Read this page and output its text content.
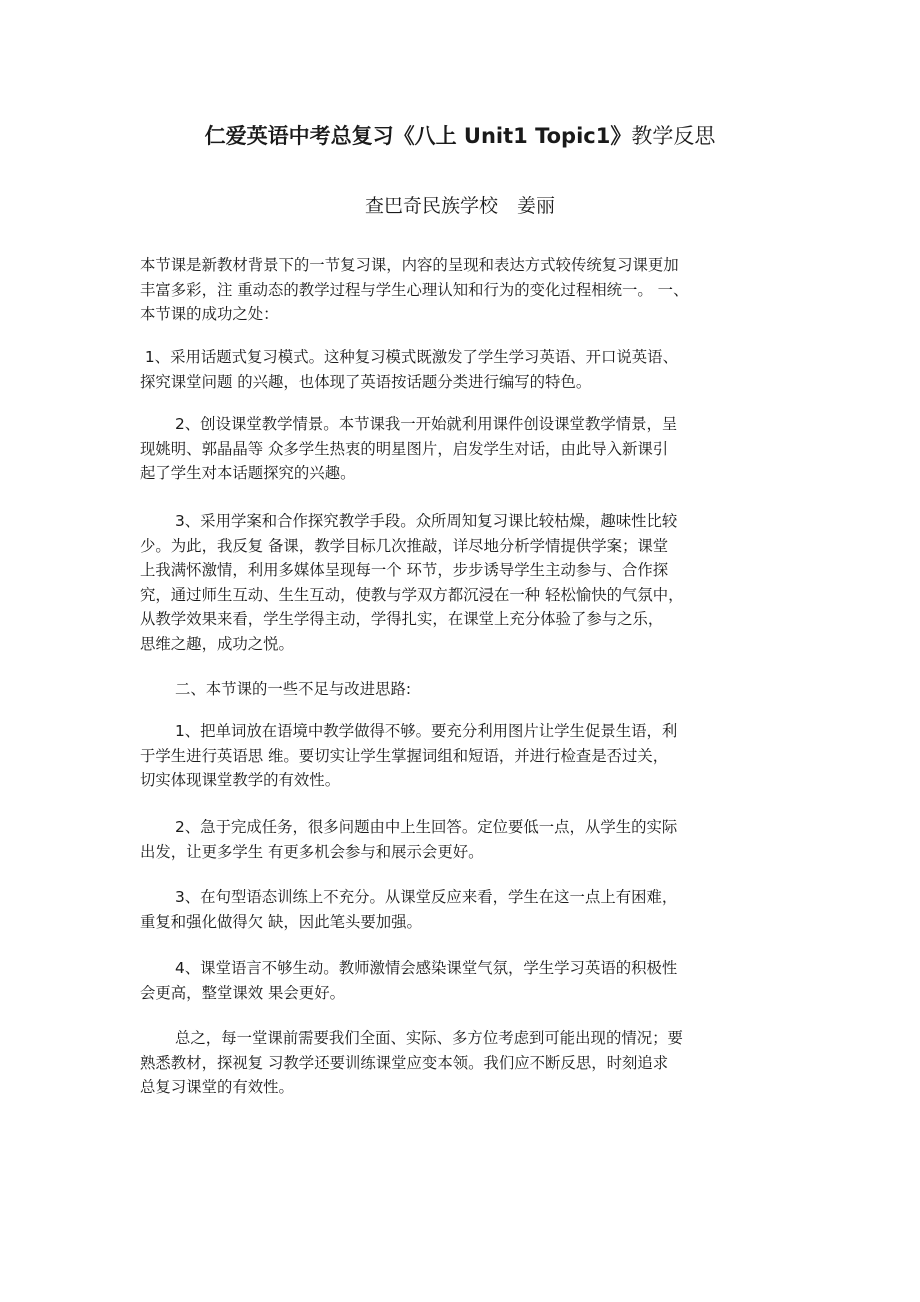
仁爱英语中考总复习《八上 Unit1 Topic1》教学反思
查巴奇民族学校　姜丽
本节课是新教材背景下的一节复习课，内容的呈现和表达方式较传统复习课更加
丰富多彩，注 重动态的教学过程与学生心理认知和行为的变化过程相统一。 一、
本节课的成功之处：
1、采用话题式复习模式。这种复习模式既激发了学生学习英语、开口说英语、
探究课堂问题 的兴趣，也体现了英语按话题分类进行编写的特色。
2、创设课堂教学情景。本节课我一开始就利用课件创设课堂教学情景，呈
现姚明、郭晶晶等 众多学生热衷的明星图片，启发学生对话，由此导入新课引
起了学生对本话题探究的兴趣。
3、采用学案和合作探究教学手段。众所周知复习课比较枯燥，趣味性比较
少。为此，我反复 备课，教学目标几次推敲，详尽地分析学情提供学案；课堂
上我满怀激情，利用多媒体呈现每一个 环节，步步诱导学生主动参与、合作探
究，通过师生互动、生生互动，使教与学双方都沉浸在一种 轻松愉快的气氛中，
从教学效果来看，学生学得主动，学得扎实，在课堂上充分体验了参与之乐，
思维之趣，成功之悦。
二、本节课的一些不足与改进思路:
1、把单词放在语境中教学做得不够。要充分利用图片让学生促景生语，利
于学生进行英语思 维。要切实让学生掌握词组和短语，并进行检查是否过关，
切实体现课堂教学的有效性。
2、急于完成任务，很多问题由中上生回答。定位要低一点，从学生的实际
出发，让更多学生 有更多机会参与和展示会更好。
3、在句型语态训练上不充分。从课堂反应来看，学生在这一点上有困难，
重复和强化做得欠 缺，因此笔头要加强。
4、课堂语言不够生动。教师激情会感染课堂气氛，学生学习英语的积极性
会更高，整堂课效 果会更好。
总之，每一堂课前需要我们全面、实际、多方位考虑到可能出现的情况；要
熟悉教材，探视复 习教学还要训练课堂应变本领。我们应不断反思，时刻追求
总复习课堂的有效性。
